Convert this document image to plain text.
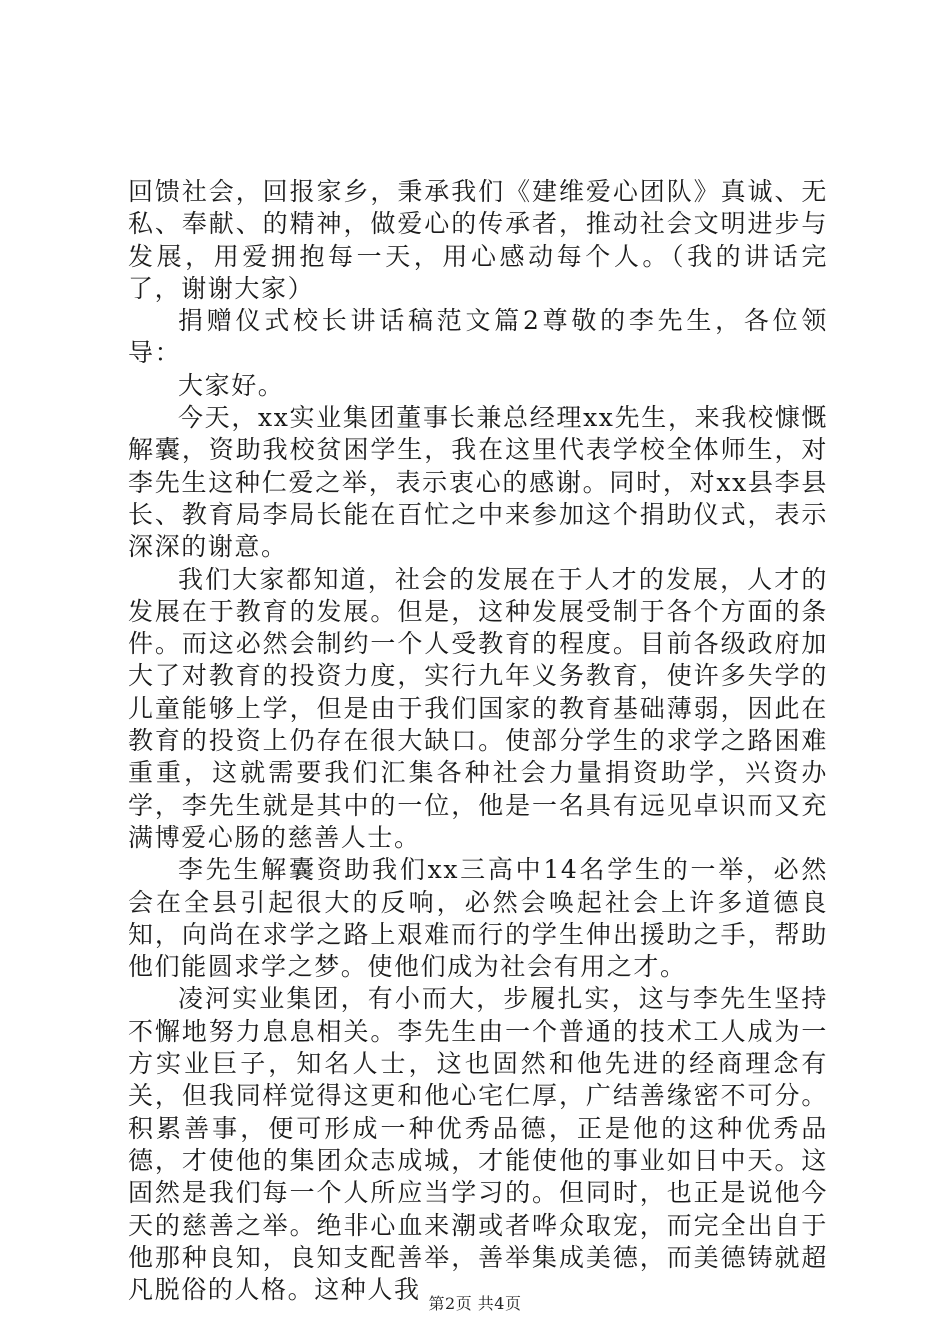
回馈社会，回报家乡，秉承我们《建维爱心团队》真诚、无私、奉献、的精神，做爱心的传承者，推动社会文明进步与发展，用爱拥抱每一天，用心感动每个人。（我的讲话完了，谢谢大家）

捐赠仪式校长讲话稿范文篇2尊敬的李先生，各位领导：

大家好。

今天，xx实业集团董事长兼总经理xx先生，来我校慷慨解囊，资助我校贫困学生，我在这里代表学校全体师生，对李先生这种仁爱之举，表示衷心的感谢。同时，对xx县李县长、教育局李局长能在百忙之中来参加这个捐助仪式，表示深深的谢意。

我们大家都知道，社会的发展在于人才的发展，人才的发展在于教育的发展。但是，这种发展受制于各个方面的条件。而这必然会制约一个人受教育的程度。目前各级政府加大了对教育的投资力度，实行九年义务教育，使许多失学的儿童能够上学，但是由于我们国家的教育基础薄弱，因此在教育的投资上仍存在很大缺口。使部分学生的求学之路困难重重，这就需要我们汇集各种社会力量捐资助学，兴资办学，李先生就是其中的一位，他是一名具有远见卓识而又充满博爱心肠的慈善人士。

李先生解囊资助我们xx三高中14名学生的一举，必然会在全县引起很大的反响，必然会唤起社会上许多道德良知，向尚在求学之路上艰难而行的学生伸出援助之手，帮助他们能圆求学之梦。使他们成为社会有用之才。

凌河实业集团，有小而大，步履扎实，这与李先生坚持不懈地努力息息相关。李先生由一个普通的技术工人成为一方实业巨子，知名人士，这也固然和他先进的经商理念有关，但我同样觉得这更和他心宅仁厚，广结善缘密不可分。积累善事，便可形成一种优秀品德，正是他的这种优秀品德，才使他的集团众志成城，才能使他的事业如日中天。这固然是我们每一个人所应当学习的。但同时，也正是说他今天的慈善之举。绝非心血来潮或者哗众取宠，而完全出自于他那种良知，良知支配善举，善举集成美德，而美德铸就超凡脱俗的人格。这种人我 第2页 共4页
